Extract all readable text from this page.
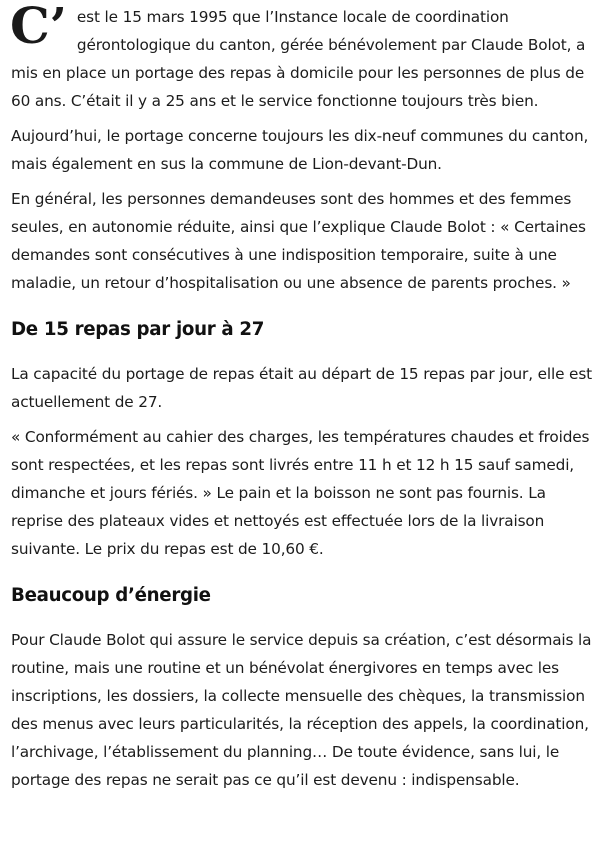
C’ est le 15 mars 1995 que l’Instance locale de coordination gérontologique du canton, gérée bénévolement par Claude Bolot, a mis en place un portage des repas à domicile pour les personnes de plus de 60 ans. C’était il y a 25 ans et le service fonctionne toujours très bien.

Aujourd’hui, le portage concerne toujours les dix-neuf communes du canton, mais également en sus la commune de Lion-devant-Dun.

En général, les personnes demandeuses sont des hommes et des femmes seules, en autonomie réduite, ainsi que l’explique Claude Bolot : « Certaines demandes sont consécutives à une indisposition temporaire, suite à une maladie, un retour d’hospitalisation ou une absence de parents proches. »

De 15 repas par jour à 27

La capacité du portage de repas était au départ de 15 repas par jour, elle est actuellement de 27.

« Conformément au cahier des charges, les températures chaudes et froides sont respectées, et les repas sont livrés entre 11 h et 12 h 15 sauf samedi, dimanche et jours fériés. » Le pain et la boisson ne sont pas fournis. La reprise des plateaux vides et nettoyés est effectuée lors de la livraison suivante. Le prix du repas est de 10,60 €.

Beaucoup d’énergie

Pour Claude Bolot qui assure le service depuis sa création, c’est désormais la routine, mais une routine et un bénévolat énergivores en temps avec les inscriptions, les dossiers, la collecte mensuelle des chèques, la transmission des menus avec leurs particularités, la réception des appels, la coordination, l’archivage, l’établissement du planning… De toute évidence, sans lui, le portage des repas ne serait pas ce qu’il est devenu : indispensable.
